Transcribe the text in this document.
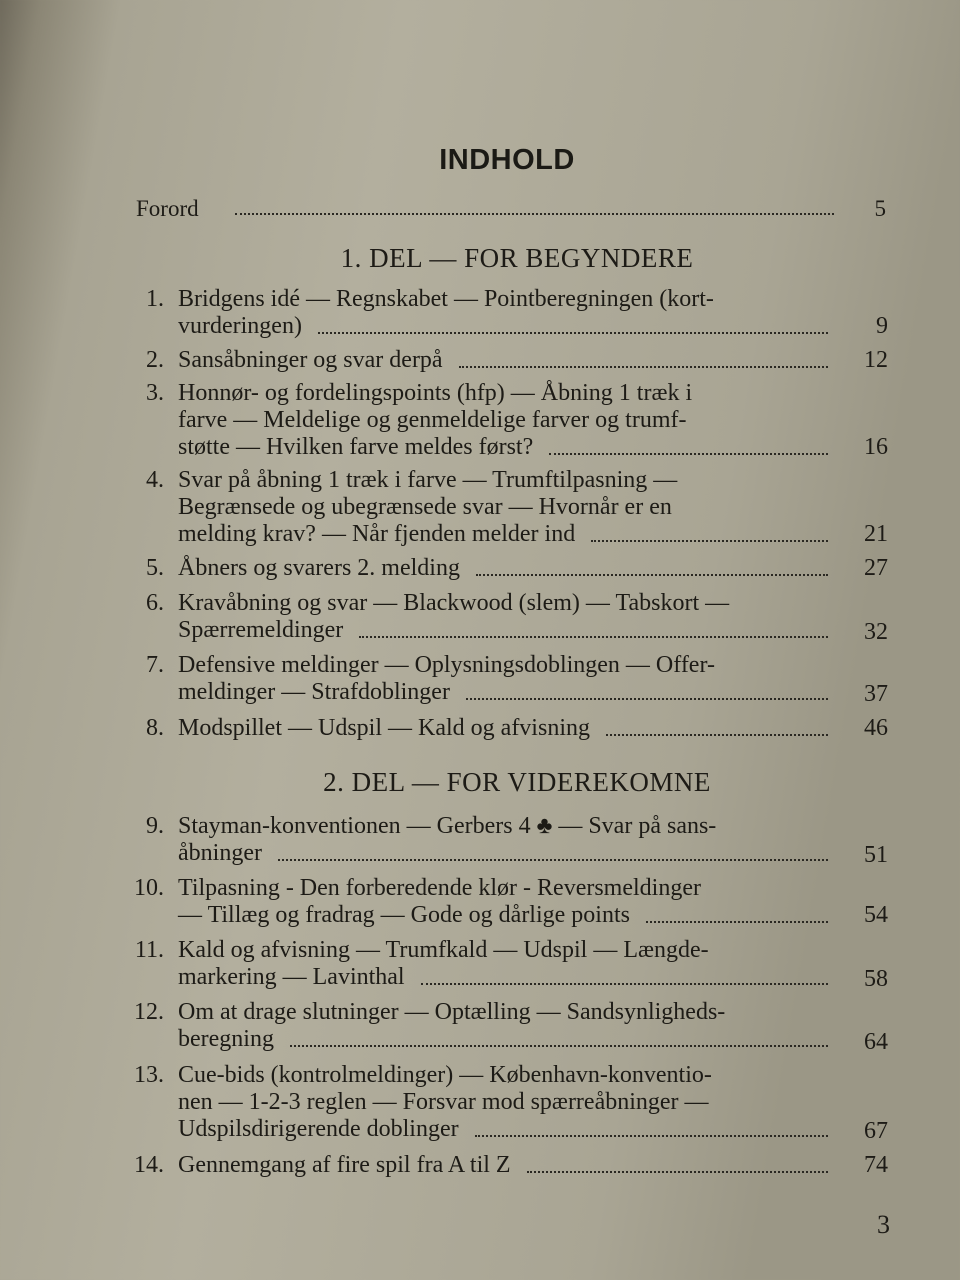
INDHOLD
Forord	5
1. DEL — FOR BEGYNDERE
1. Bridgens idé — Regnskabet — Pointberegningen (kort-
vurderingen)	9
2. Sansåbninger og svar derpå	12
3. Honnør- og fordelingspoints (hfp) — Åbning 1 træk i
farve — Meldelige og genmeldelige farver og trumf-
støtte — Hvilken farve meldes først?	16
4. Svar på åbning 1 træk i farve — Trumftilpasning —
Begrænsede og ubegrænsede svar — Hvornår er en
melding krav? — Når fjenden melder ind	21
5. Åbners og svarers 2. melding	27
6. Kravåbning og svar — Blackwood (slem) — Tabskort —
Spærremeldinger	32
7. Defensive meldinger — Oplysningsdoblingen — Offer-
meldinger — Strafdoblinger	37
8. Modspillet — Udspil — Kald og afvisning	46
2. DEL — FOR VIDEREKOMNE
9. Stayman-konventionen — Gerbers 4 ♣ — Svar på sans-
åbninger	51
10. Tilpasning - Den forberedende klør - Reversmeldinger
— Tillæg og fradrag — Gode og dårlige points	54
11. Kald og afvisning — Trumfkald — Udspil — Længde-
markering — Lavinthal	58
12. Om at drage slutninger — Optælling — Sandsynligheds-
beregning	64
13. Cue-bids (kontrolmeldinger) — København-konventio-
nen — 1-2-3 reglen — Forsvar mod spærreåbninger —
Udspilsdirigerende doblinger	67
14. Gennemgang af fire spil fra A til Z	74
3
